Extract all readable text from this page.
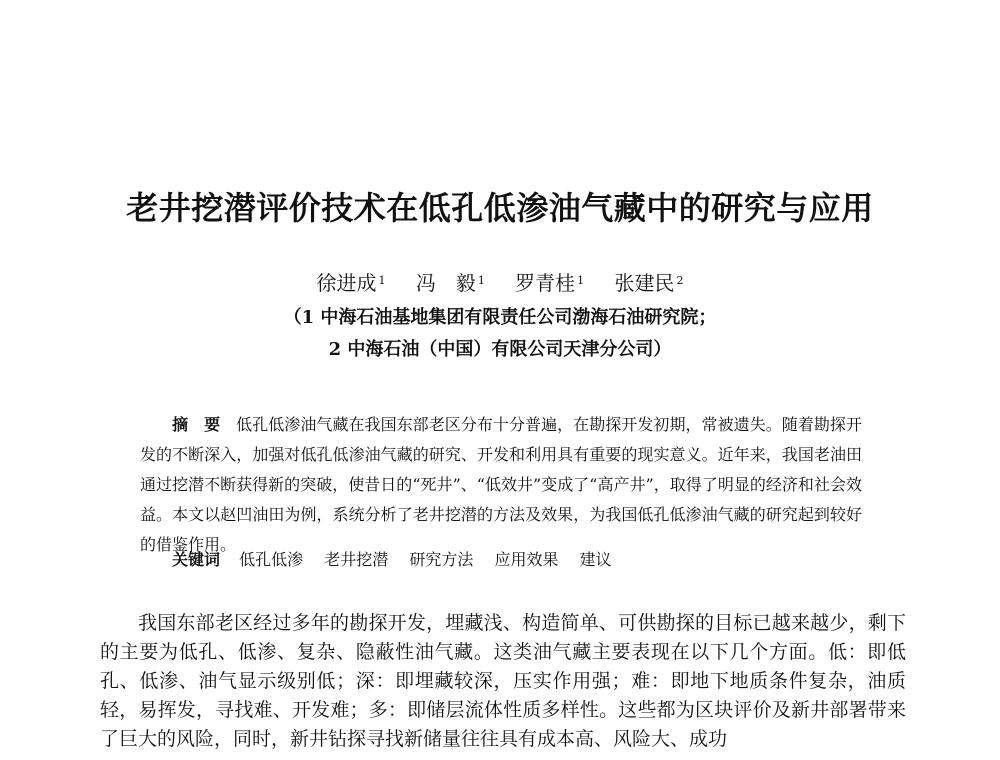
老井挖潜评价技术在低孔低渗油气藏中的研究与应用
徐进成 $^1$ 冯　毅 $^1$ 罗青桂 $^1$ 张建民 $^2$
（1 中海石油基地集团有限责任公司渤海石油研究院；
2 中海石油（中国）有限公司天津分公司）
摘　要 低孔低渗油气藏在我国东部老区分布十分普遍，在勘探开发初期，常被遗失。随着勘探开发的不断深入，加强对低孔低渗油气藏的研究、开发和利用具有重要的现实意义。近年来，我国老油田通过挖潜不断获得新的突破，使昔日的“死井”、“低效井”变成了“高产井”，取得了明显的经济和社会效益。本文以赵凹油田为例，系统分析了老井挖潜的方法及效果，为我国低孔低渗油气藏的研究起到较好的借鉴作用。
关键词 低孔低渗 老井挖潜 研究方法 应用效果 建议

我国东部老区经过多年的勘探开发，埋藏浅、构造简单、可供勘探的目标已越来越少，剩下的主要为低孔、低渗、复杂、隐蔽性油气藏。这类油气藏主要表现在以下几个方面。低：即低孔、低渗、油气显示级别低；深：即埋藏较深，压实作用强；难：即地下地质条件复杂，油质轻，易挥发，寻找难、开发难；多：即储层流体性质多样性。这些都为区块评价及新井部署带来了巨大的风险，同时，新井钻探寻找新储量往往具有成本高、风险大、成功
